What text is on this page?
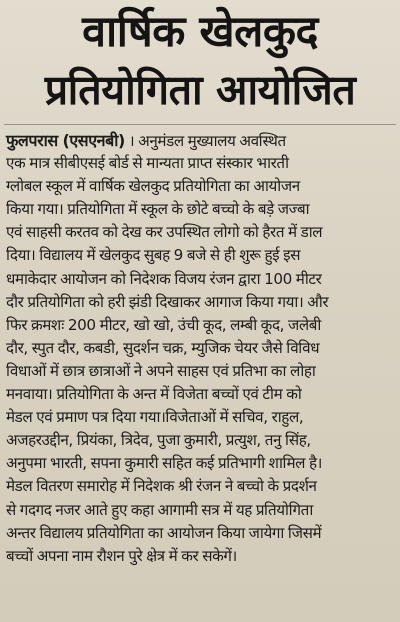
वार्षिक खेलकुद
प्रतियोगिता आयोजित
फुलपरास (एसएनबी) । अनुमंडल मुख्यालय अवस्थित
एक मात्र सीबीएसई बोर्ड से मान्यता प्राप्त संस्कार भारती
ग्लोबल स्कूल में वार्षिक खेलकुद प्रतियोगिता का आयोजन
किया गया। प्रतियोगिता में स्कूल के छोटे बच्चो के बड़े जज्बा
एवं साहसी करतव को देख कर उपस्थित लोगो को हैरत में डाल
दिया। विद्यालय में खेलकुद सुबह 9 बजे से ही शुरू हुई इस
धमाकेदार आयोजन को निदेशक विजय रंजन द्वारा 100 मीटर
दौर प्रतियोगिता को हरी झंडी दिखाकर आगाज किया गया। और
फिर क्रमशः 200 मीटर, खो खो, उंची कूद, लम्बी कूद, जलेबी
दौर, स्पुत दौर, कबडी, सुदर्शन चक्र, म्युजिक चेयर जैसे विविध
विधाओं में छात्र छात्राओं ने अपने साहस एवं प्रतिभा का लोहा
मनवाया। प्रतियोगिता के अन्त में विजेता बच्चों एवं टीम को
मेडल एवं प्रमाण पत्र दिया गया।विजेताओं में सचिव, राहुल,
अजहरउद्दीन, प्रियंका, त्रिदेव, पुजा कुमारी, प्रत्युश, तनु सिंह,
अनुपमा भारती, सपना कुमारी सहित कई प्रतिभागी शामिल है।
मेडल वितरण समारोह में निदेशक श्री रंजन ने बच्चो के प्रदर्शन
से गदगद नजर आते हुए कहा आगामी सत्र में यह प्रतियोगिता
अन्तर विद्यालय प्रतियोगिता का आयोजन किया जायेगा जिसमें
बच्चों अपना नाम रौशन पुरे क्षेत्र में कर सकेगें।
